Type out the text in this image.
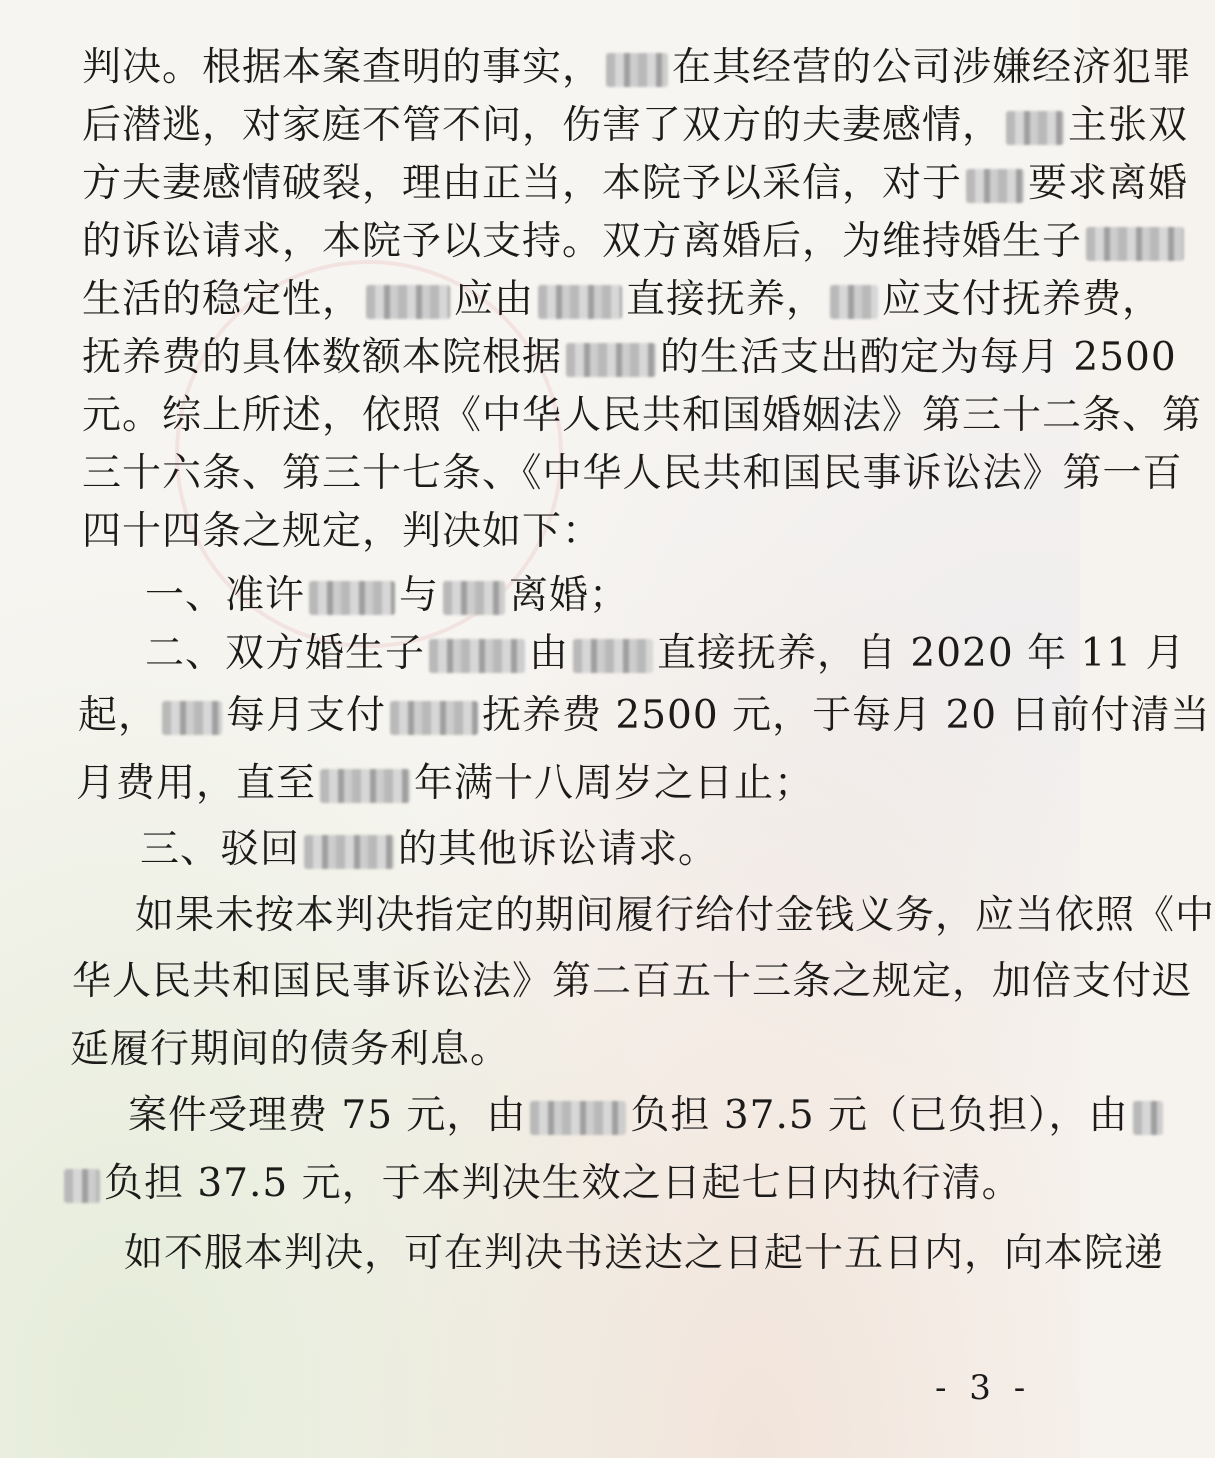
判决。根据本案查明的事实， 在其经营的公司涉嫌经济犯罪
后潜逃，对家庭不管不问，伤害了双方的夫妻感情， 主张双
方夫妻感情破裂，理由正当，本院予以采信，对于 要求离婚
的诉讼请求，本院予以支持。双方离婚后，为维持婚生子
生活的稳定性， 应由 直接抚养， 应支付抚养费，
抚养费的具体数额本院根据	的生活支出酌定为每月 2500
元。综上所述，依照《中华人民共和国婚姻法》第三十二条、第
三十六条、第三十七条、《中华人民共和国民事诉讼法》第一百
四十四条之规定，判决如下：
一、准许 与 离婚；
二、双方婚生子	由 直接抚养，自 2020 年 11 月
起， 每月支付 抚养费 2500 元，于每月 20 日前付清当
月费用，直至	年满十八周岁之日止；
三、驳回	的其他诉讼请求。
如果未按本判决指定的期间履行给付金钱义务，应当依照《中
华人民共和国民事诉讼法》第二百五十三条之规定，加倍支付迟
延履行期间的债务利息。
案件受理费 75 元，由	负担 37.5 元（已负担），由
负担 37.5 元，于本判决生效之日起七日内执行清。
如不服本判决，可在判决书送达之日起十五日内，向本院递
- 3 -
